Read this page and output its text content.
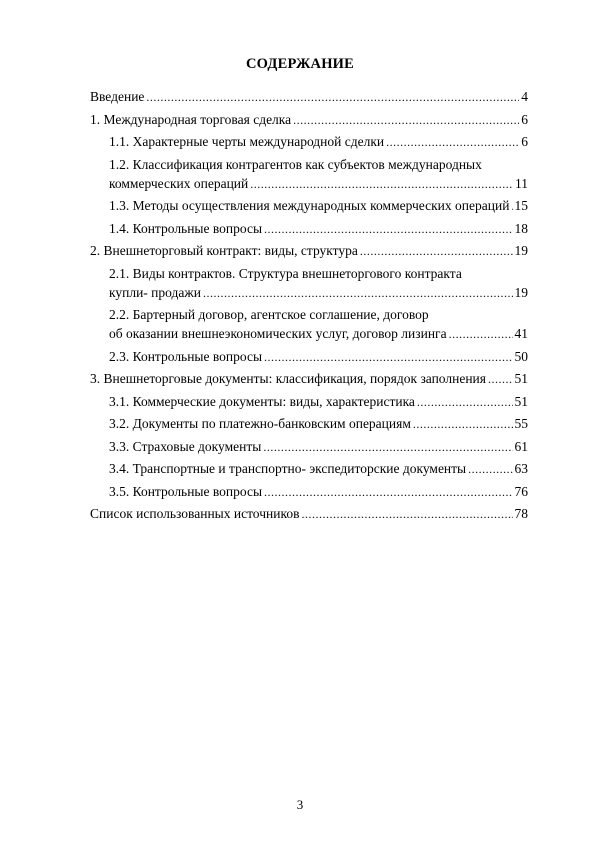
СОДЕРЖАНИЕ
Введение .....	4
1. Международная торговая сделка .....	6
1.1. Характерные черты международной сделки .....	6
1.2. Классификация контрагентов как субъектов международных
коммерческих операций .....	11
1.3. Методы осуществления международных коммерческих операций ..... 15
1.4. Контрольные вопросы .....	18
2. Внешнеторговый контракт: виды, структура .....	19
2.1. Виды контрактов. Структура внешнеторгового контракта
купли- продажи .....	19
2.2. Бартерный договор, агентское соглашение, договор
об оказании внешнеэкономических услуг, договор лизинга .....	41
2.3. Контрольные вопросы .....	50
3. Внешнеторговые документы: классификация, порядок заполнения ..... 51
3.1. Коммерческие документы: виды, характеристика .....	51
3.2. Документы по платежно-банковским операциям .....	55
3.3. Страховые документы .....	61
3.4. Транспортные и транспортно- экспедиторские документы .....	63
3.5. Контрольные вопросы .....	76
Список использованных источников .....	78
3
